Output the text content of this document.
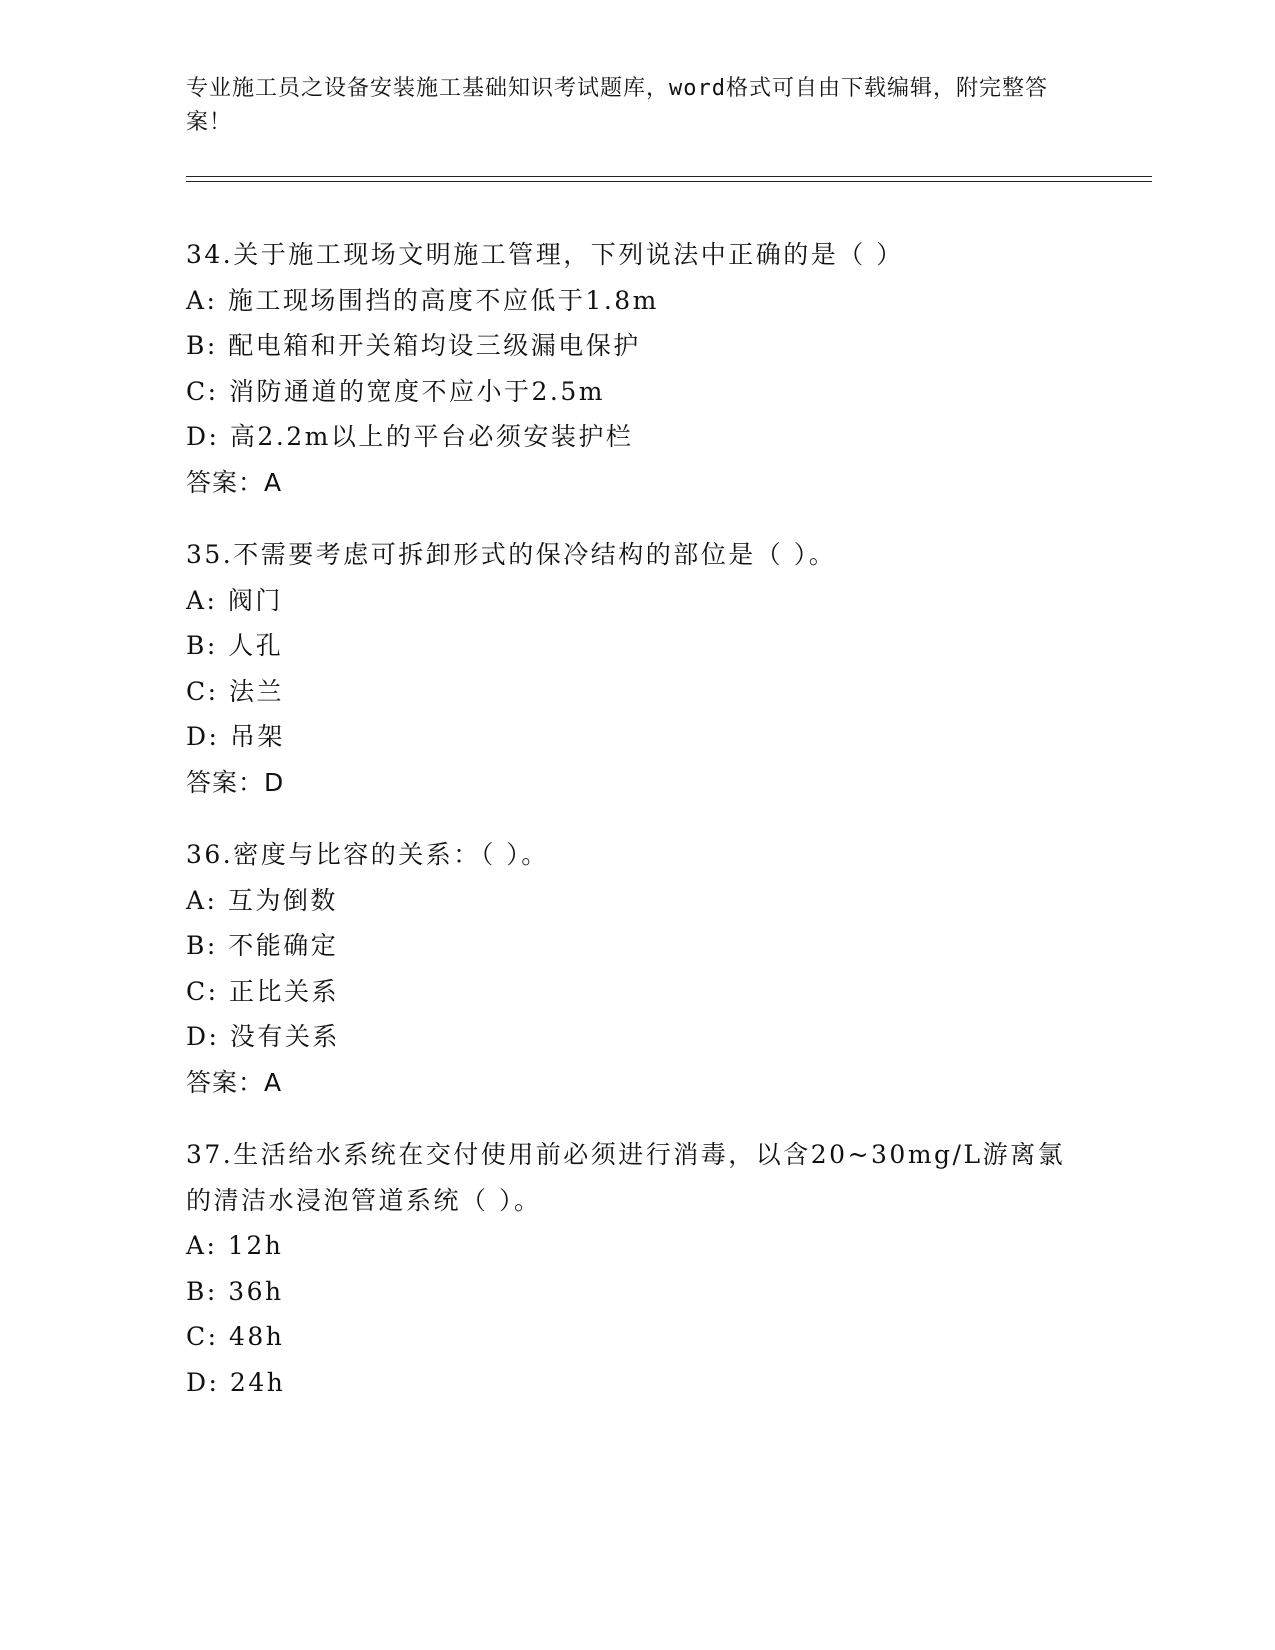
专业施工员之设备安装施工基础知识考试题库，word格式可自由下载编辑，附完整答案！
34.关于施工现场文明施工管理，下列说法中正确的是（ ）
A: 施工现场围挡的高度不应低于1.8m
B: 配电箱和开关箱均设三级漏电保护
C: 消防通道的宽度不应小于2.5m
D: 高2.2m以上的平台必须安装护栏
答案：A
35.不需要考虑可拆卸形式的保冷结构的部位是（ ）。
A: 阀门
B: 人孔
C: 法兰
D: 吊架
答案：D
36.密度与比容的关系：（ ）。
A: 互为倒数
B: 不能确定
C: 正比关系
D: 没有关系
答案：A
37.生活给水系统在交付使用前必须进行消毒，以含20~30mg/L游离氯的清洁水浸泡管道系统（ ）。
A: 12h
B: 36h
C: 48h
D: 24h
